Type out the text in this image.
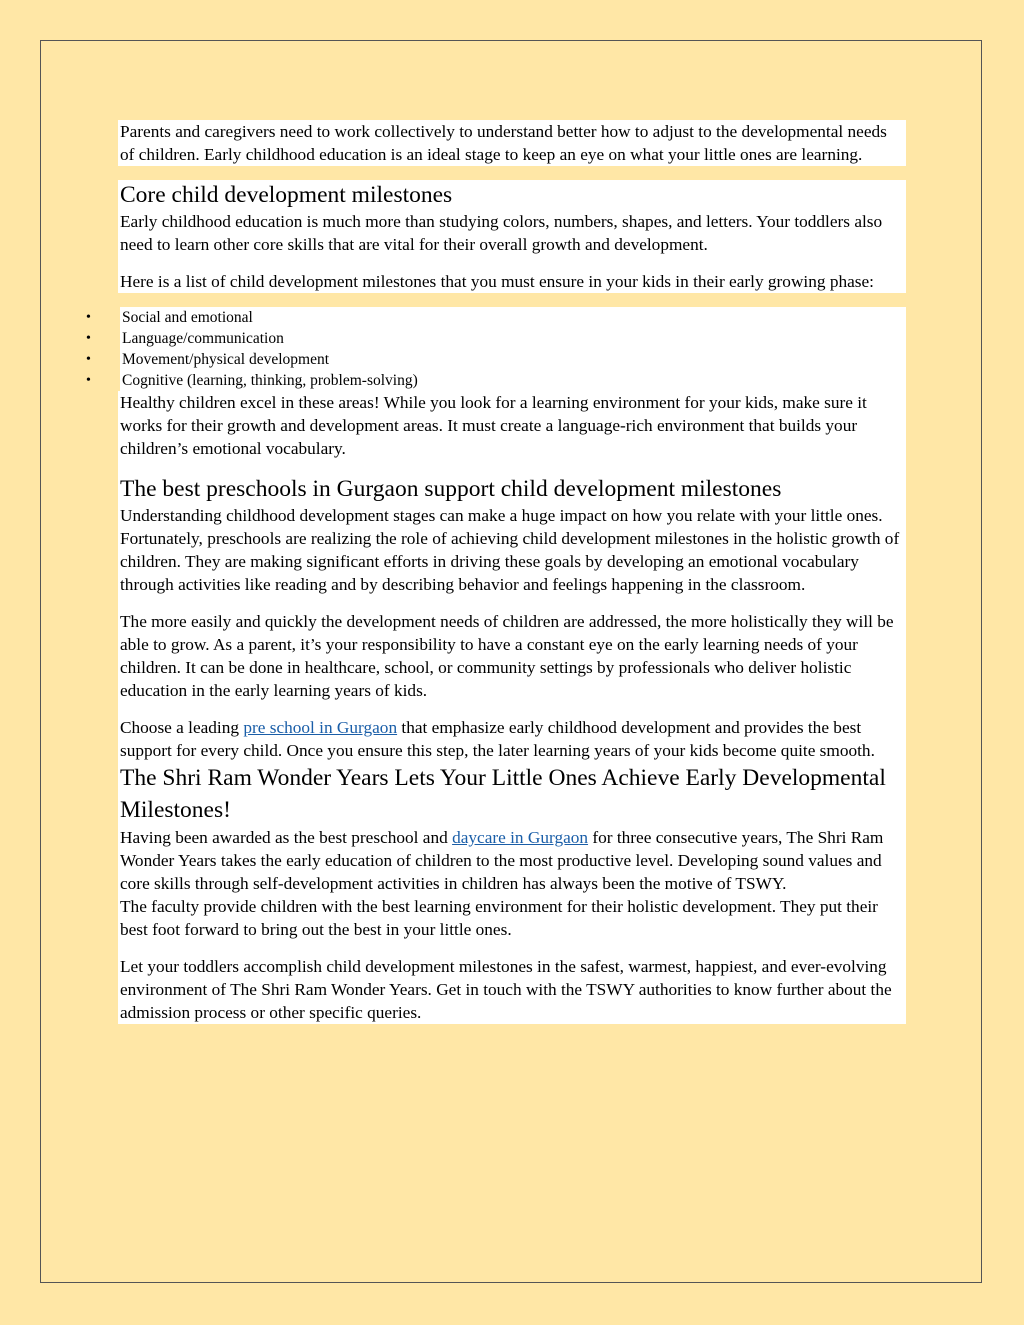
Parents and caregivers need to work collectively to understand better how to adjust to the developmental needs of children. Early childhood education is an ideal stage to keep an eye on what your little ones are learning.

Core child development milestones

Early childhood education is much more than studying colors, numbers, shapes, and letters. Your toddlers also need to learn other core skills that are vital for their overall growth and development.

Here is a list of child development milestones that you must ensure in your kids in their early growing phase:

• Social and emotional
• Language/communication
• Movement/physical development
• Cognitive (learning, thinking, problem-solving)

Healthy children excel in these areas! While you look for a learning environment for your kids, make sure it works for their growth and development areas. It must create a language-rich environment that builds your children’s emotional vocabulary.

The best preschools in Gurgaon support child development milestones

Understanding childhood development stages can make a huge impact on how you relate with your little ones. Fortunately, preschools are realizing the role of achieving child development milestones in the holistic growth of children. They are making significant efforts in driving these goals by developing an emotional vocabulary through activities like reading and by describing behavior and feelings happening in the classroom.

The more easily and quickly the development needs of children are addressed, the more holistically they will be able to grow. As a parent, it’s your responsibility to have a constant eye on the early learning needs of your children. It can be done in healthcare, school, or community settings by professionals who deliver holistic education in the early learning years of kids.

Choose a leading pre school in Gurgaon that emphasize early childhood development and provides the best support for every child. Once you ensure this step, the later learning years of your kids become quite smooth.

The Shri Ram Wonder Years Lets Your Little Ones Achieve Early Developmental Milestones!

Having been awarded as the best preschool and daycare in Gurgaon for three consecutive years, The Shri Ram Wonder Years takes the early education of children to the most productive level. Developing sound values and core skills through self-development activities in children has always been the motive of TSWY.

The faculty provide children with the best learning environment for their holistic development. They put their best foot forward to bring out the best in your little ones.

Let your toddlers accomplish child development milestones in the safest, warmest, happiest, and ever-evolving environment of The Shri Ram Wonder Years. Get in touch with the TSWY authorities to know further about the admission process or other specific queries.
